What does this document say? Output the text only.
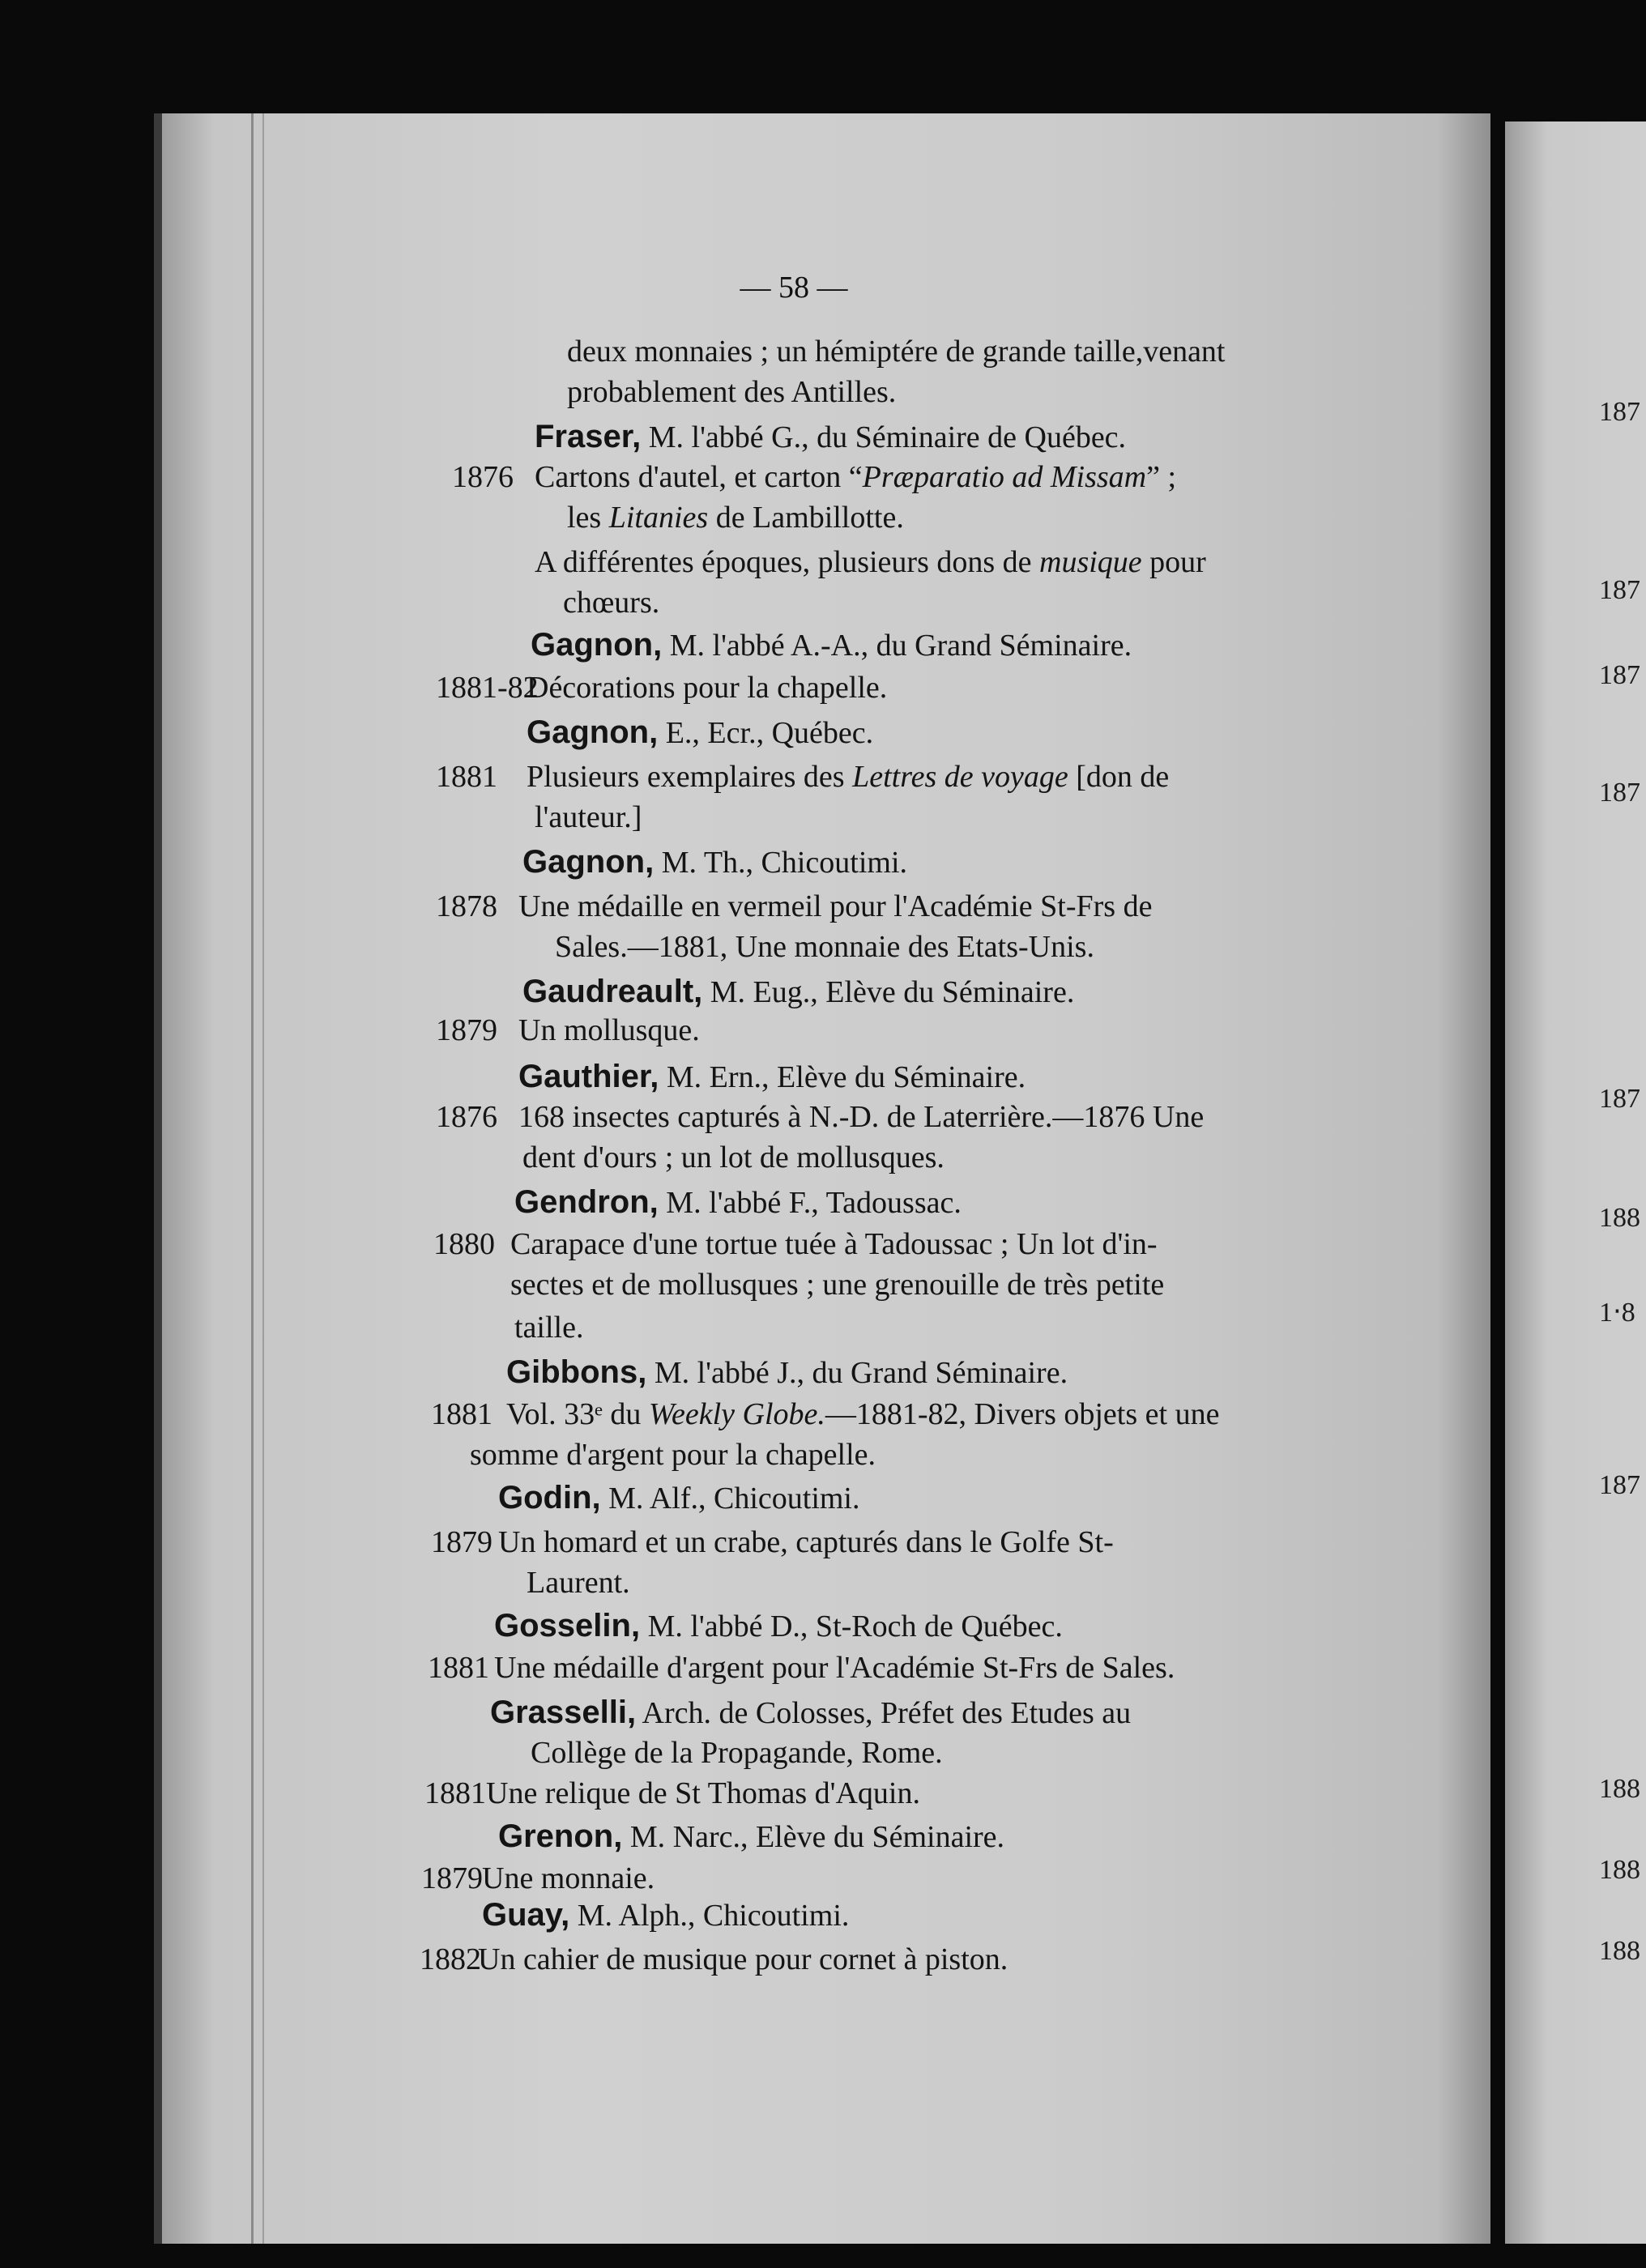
187
187
187
187
187
188
1‧8
187
188
188
188
— 58 —
deux monnaies ; un hémiptére de grande taille,venant
probablement des Antilles.
Fraser, M. l'abbé G., du Séminaire de Québec.
1876 Cartons d'autel, et carton “Præparatio ad Missam” ;
les Litanies de Lambillotte.
A différentes époques, plusieurs dons de musique pour
chœurs.
Gagnon, M. l'abbé A.-A., du Grand Séminaire.
1881-82Décorations pour la chapelle.
Gagnon, E., Ecr., Québec.
1881 Plusieurs exemplaires des Lettres de voyage [don de
l'auteur.]
Gagnon, M. Th., Chicoutimi.
1878 Une médaille en vermeil pour l'Académie St-Frs de
Sales.—1881, Une monnaie des Etats-Unis.
Gaudreault, M. Eug., Elève du Séminaire.
1879 Un mollusque.
Gauthier, M. Ern., Elève du Séminaire.
1876 168 insectes capturés à N.-D. de Laterrière.—1876 Une
dent d'ours ; un lot de mollusques.
Gendron, M. l'abbé F., Tadoussac.
1880 Carapace d'une tortue tuée à Tadoussac ; Un lot d'in-
sectes et de mollusques ; une grenouille de très petite
taille.
Gibbons, M. l'abbé J., du Grand Séminaire.
1881 Vol. 33ᵉ du Weekly Globe.—1881-82, Divers objets et une
somme d'argent pour la chapelle.
Godin, M. Alf., Chicoutimi.
1879 Un homard et un crabe, capturés dans le Golfe St-
Laurent.
Gosselin, M. l'abbé D., St-Roch de Québec.
1881 Une médaille d'argent pour l'Académie St-Frs de Sales.
Grasselli, Arch. de Colosses, Préfet des Etudes au
Collège de la Propagande, Rome.
1881Une relique de St Thomas d'Aquin.
Grenon, M. Narc., Elève du Séminaire.
1879Une monnaie.
Guay, M. Alph., Chicoutimi.
1882Un cahier de musique pour cornet à piston.
